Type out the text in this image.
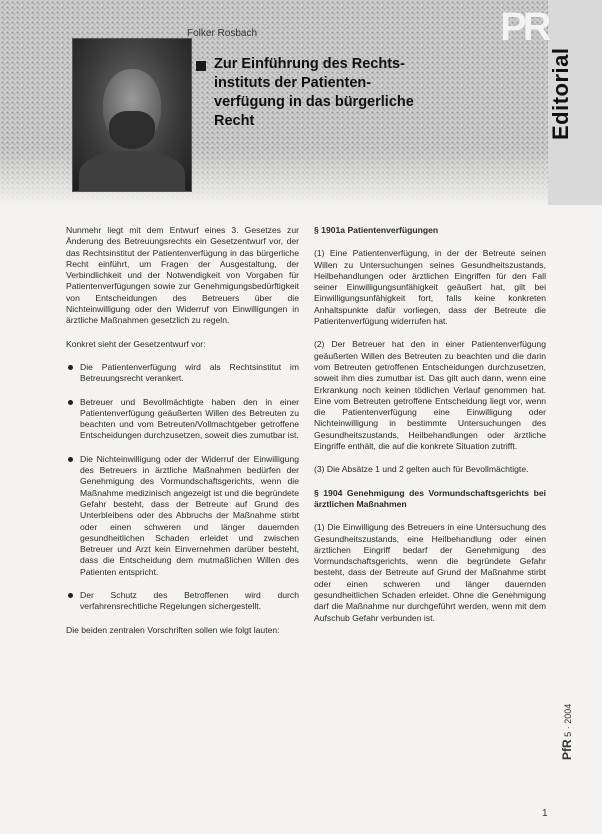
Folker Rosbach
Zur Einführung des Rechts-instituts der Patienten-verfügung in das bürgerliche Recht
PR
Editorial

Nunmehr liegt mit dem Entwurf eines 3. Gesetzes zur Änderung des Betreuungsrechts ein Gesetzentwurf vor, der das Rechtsinstitut der Patientenverfügung in das bürgerliche Recht einführt, um Fragen der Ausgestaltung, der Verbindlichkeit und der Notwendigkeit von Vorgaben für Patientenverfügungen sowie zur Genehmigungsbedürftigkeit von Entscheidungen des Betreuers über die Nichteinwilligung oder den Widerruf von Einwilligungen in ärztliche Maßnahmen gesetzlich zu regeln.

Konkret sieht der Gesetzentwurf vor:

Die Patientenverfügung wird als Rechtsinstitut im Betreuungsrecht verankert.
Betreuer und Bevollmächtigte haben den in einer Patientenverfügung geäußerten Willen des Betreuten zu beachten und vom Betreuten/Vollmachtgeber getroffene Entscheidungen durchzusetzen, soweit dies zumutbar ist.
Die Nichteinwilligung oder der Widerruf der Einwilligung des Betreuers in ärztliche Maßnahmen bedürfen der Genehmigung des Vormundschaftsgerichts, wenn die Maßnahme medizinisch angezeigt ist und die begründete Gefahr besteht, dass der Betreute auf Grund des Unterbleibens oder des Abbruchs der Maßnahme stirbt oder einen schweren und länger dauernden gesundheitlichen Schaden erleidet und zwischen Betreuer und Arzt kein Einvernehmen darüber besteht, dass die Entscheidung dem mutmaßlichen Willen des Patienten entspricht.
Der Schutz des Betroffenen wird durch verfahrensrechtliche Regelungen sichergestellt.

Die beiden zentralen Vorschriften sollen wie folgt lauten:

§ 1901a Patientenverfügungen

(1) Eine Patientenverfügung, in der der Betreute seinen Willen zu Untersuchungen seines Gesundheitszustands, Heilbehandlungen oder ärztlichen Eingriffen für den Fall seiner Einwilligungsunfähigkeit geäußert hat, gilt bei Einwilligungsunfähigkeit fort, falls keine konkreten Anhaltspunkte dafür vorliegen, dass der Betreute die Patientenverfügung widerrufen hat.

(2) Der Betreuer hat den in einer Patientenverfügung geäußerten Willen des Betreuten zu beachten und die darin vom Betreuten getroffenen Entscheidungen durchzusetzen, soweit ihm dies zumutbar ist. Das gilt auch dann, wenn eine Erkrankung noch keinen tödlichen Verlauf genommen hat. Eine vom Betreuten getroffene Entscheidung liegt vor, wenn die Patientenverfügung eine Einwilligung oder Nichteinwilligung in bestimmte Untersuchungen des Gesundheitszustands, Heilbehandlungen oder ärztliche Eingriffe enthält, die auf die konkrete Situation zutrifft.

(3) Die Absätze 1 und 2 gelten auch für Bevollmächtigte.

§ 1904 Genehmigung des Vormundschaftsgerichts bei ärztlichen Maßnahmen

(1) Die Einwilligung des Betreuers in eine Untersuchung des Gesundheitszustands, eine Heilbehandlung oder einen ärztlichen Eingriff bedarf der Genehmigung des Vormundschaftsgerichts, wenn die begründete Gefahr besteht, dass der Betreute auf Grund der Maßnahme stirbt oder einen schweren und länger dauernden gesundheitlichen Schaden erleidet. Ohne die Genehmigung darf die Maßnahme nur durchgeführt werden, wenn mit dem Aufschub Gefahr verbunden ist.

PfR 5 · 2004
1
